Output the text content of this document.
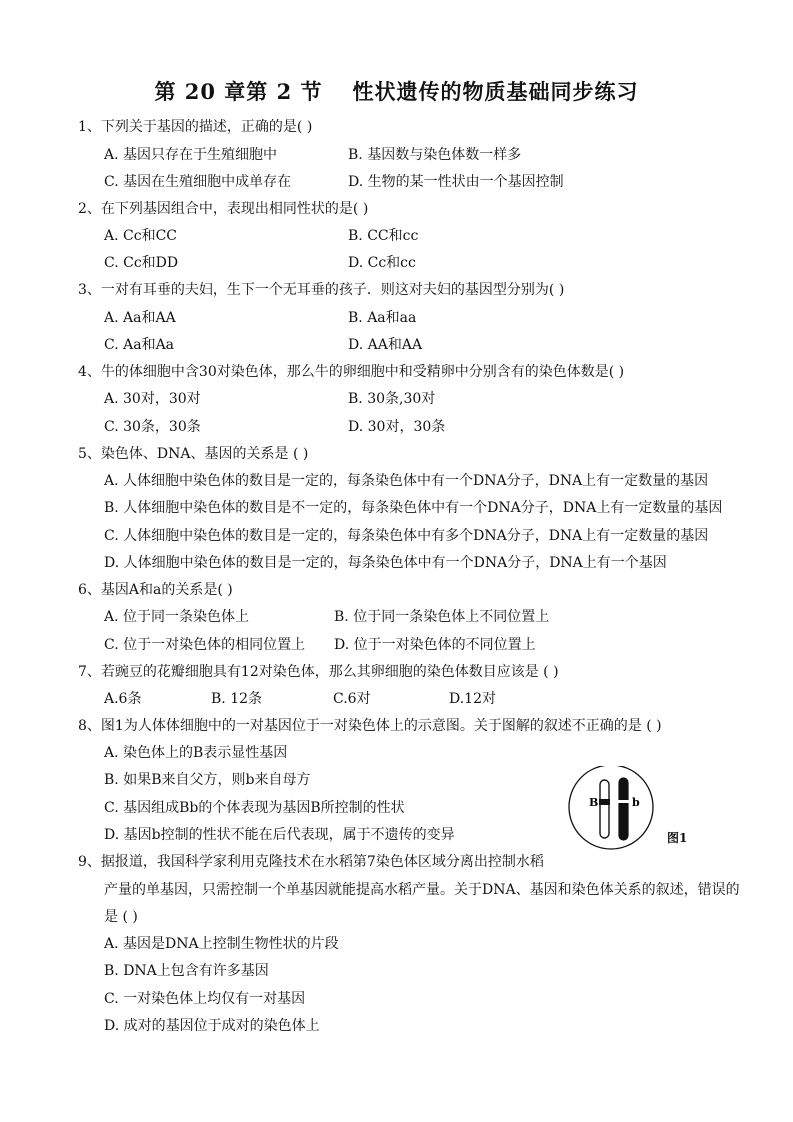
第 20 章第 2 节 性状遗传的物质基础同步练习
1、下列关于基因的描述，正确的是( )
A. 基因只存在于生殖细胞中	B. 基因数与染色体数一样多
C. 基因在生殖细胞中成单存在	D. 生物的某一性状由一个基因控制
2、在下列基因组合中，表现出相同性状的是( )
A. Cc和CC	B. CC和cc
C. Cc和DD	D. Cc和cc
3、一对有耳垂的夫妇，生下一个无耳垂的孩子．则这对夫妇的基因型分别为( )
A. Aa和AA	B. Aa和aa
C. Aa和Aa	D. AA和AA
4、牛的体细胞中含30对染色体，那么牛的卵细胞中和受精卵中分别含有的染色体数是( )
A. 30对，30对	B. 30条,30对
C. 30条，30条	D. 30对，30条
5、染色体、DNA、基因的关系是 ( )
A. 人体细胞中染色体的数目是一定的，每条染色体中有一个DNA分子，DNA上有一定数量的基因
B. 人体细胞中染色体的数目是不一定的，每条染色体中有一个DNA分子，DNA上有一定数量的基因
C. 人体细胞中染色体的数目是一定的，每条染色体中有多个DNA分子，DNA上有一定数量的基因
D. 人体细胞中染色体的数目是一定的，每条染色体中有一个DNA分子，DNA上有一个基因
6、基因A和a的关系是( )
A. 位于同一条染色体上	B. 位于同一条染色体上不同位置上
C. 位于一对染色体的相同位置上 D. 位于一对染色体的不同位置上
7、若豌豆的花瓣细胞具有12对染色体，那么其卵细胞的染色体数目应该是 ( )
A.6条	B. 12条	C.6对	D.12对
8、图1为人体体细胞中的一对基因位于一对染色体上的示意图。关于图解的叙述不正确的是 ( )
A. 染色体上的B表示显性基因
B. 如果B来自父方，则b来自母方
C. 基因组成Bb的个体表现为基因B所控制的性状
D. 基因b控制的性状不能在后代表现，属于不遗传的变异
B	b
图1
9、据报道，我国科学家利用克隆技术在水稻第7染色体区域分离出控制水稻
产量的单基因，只需控制一个单基因就能提高水稻产量。关于DNA、基因和染色体关系的叙述，错误的
是 ( )
A. 基因是DNA上控制生物性状的片段
B. DNA上包含有许多基因
C. 一对染色体上均仅有一对基因
D. 成对的基因位于成对的染色体上
